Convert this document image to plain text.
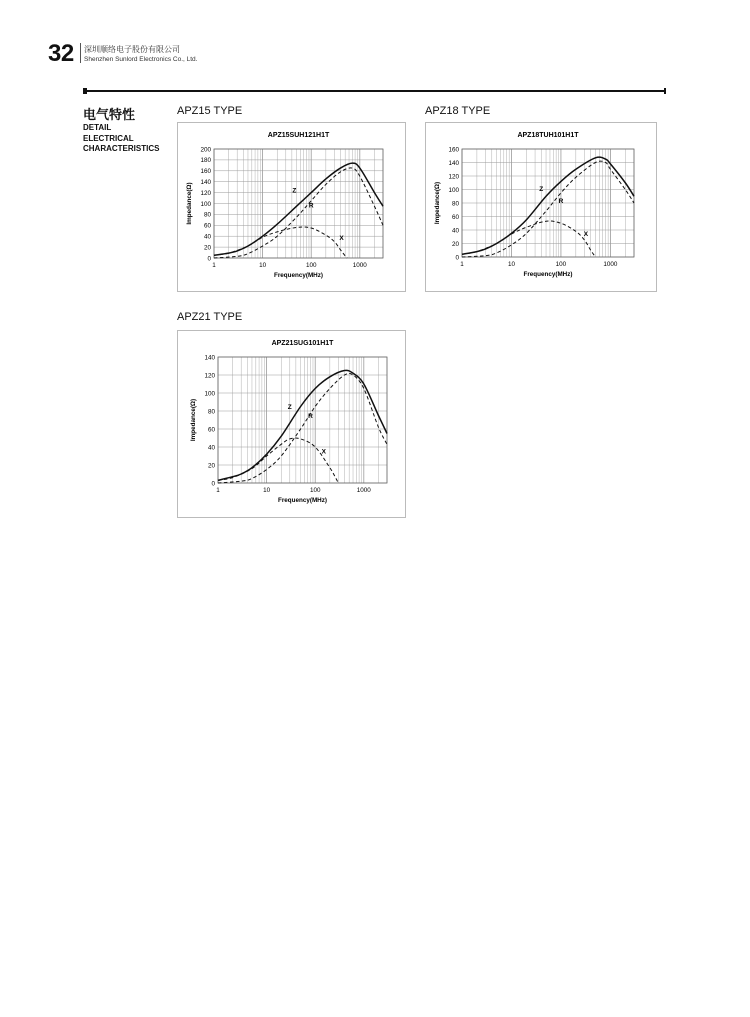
32 深圳顺络电子股份有限公司
Shenzhen Sunlord Electronics Co., Ltd.
电气特性
DETAIL
ELECTRICAL
CHARACTERISTICS
APZ15 TYPE	APZ18 TYPE
APZ21 TYPE
APZ15SUH121H1T
0
20
40
60
80
100
120
140
160
180
200
1	10	100	1000
Frequency(MHz)
Impedance(Ω)	Z
R
X
APZ18TUH101H1T
0
20
40
60
80
100
120
140
160
1	10	100	1000
Frequency(MHz)
Impedance(Ω)	Z
R
X
APZ21SUG101H1T
0
20
40
60
80
100
120
140
1	10	100	1000
Frequency(MHz)
Impedance(Ω)	Z
R
X
